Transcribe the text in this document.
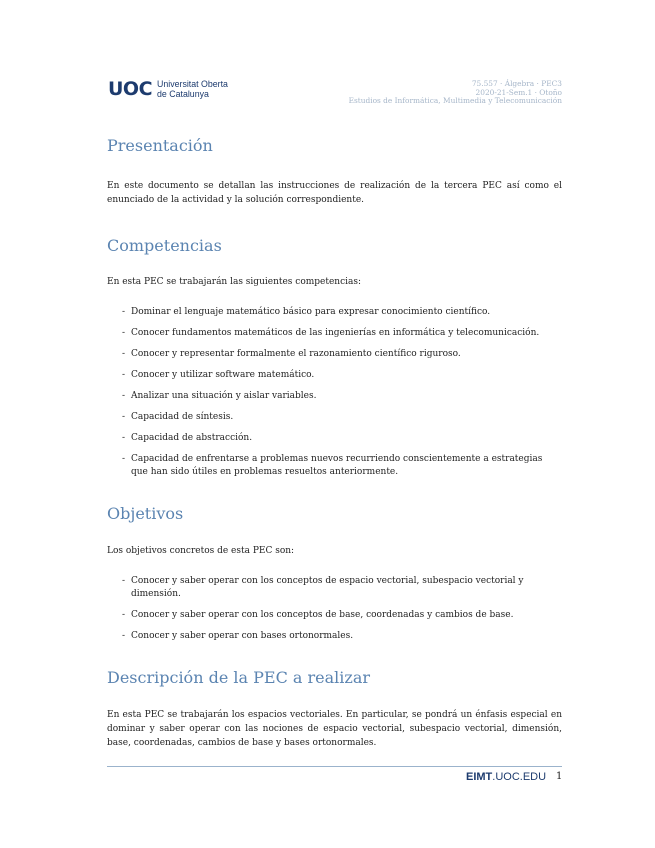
UOC Universitat Oberta
de Catalunya
75.557 · Álgebra · PEC3
2020-21-Sem.1 · Otoño
Estudios de Informática, Multimedia y Telecomunicación
Presentación

En este documento se detallan las instrucciones de realización de la tercera PEC así como el enunciado de la actividad y la solución correspondiente.

Competencias

En esta PEC se trabajarán las siguientes competencias:

- Dominar el lenguaje matemático básico para expresar conocimiento científico.
- Conocer fundamentos matemáticos de las ingenierías en informática y telecomunicación.
- Conocer y representar formalmente el razonamiento científico riguroso.
- Conocer y utilizar software matemático.
- Analizar una situación y aislar variables.
- Capacidad de síntesis.
- Capacidad de abstracción.
- Capacidad de enfrentarse a problemas nuevos recurriendo conscientemente a estrategias que han sido útiles en problemas resueltos anteriormente.
Objetivos

Los objetivos concretos de esta PEC son:

- Conocer y saber operar con los conceptos de espacio vectorial, subespacio vectorial y dimensión.
- Conocer y saber operar con los conceptos de base, coordenadas y cambios de base.
- Conocer y saber operar con bases ortonormales.
Descripción de la PEC a realizar

En esta PEC se trabajarán los espacios vectoriales. En particular, se pondrá un énfasis especial en dominar y saber operar con las nociones de espacio vectorial, subespacio vectorial, dimensión, base, coordenadas, cambios de base y bases ortonormales.

EIMT.UOC.EDU 1
